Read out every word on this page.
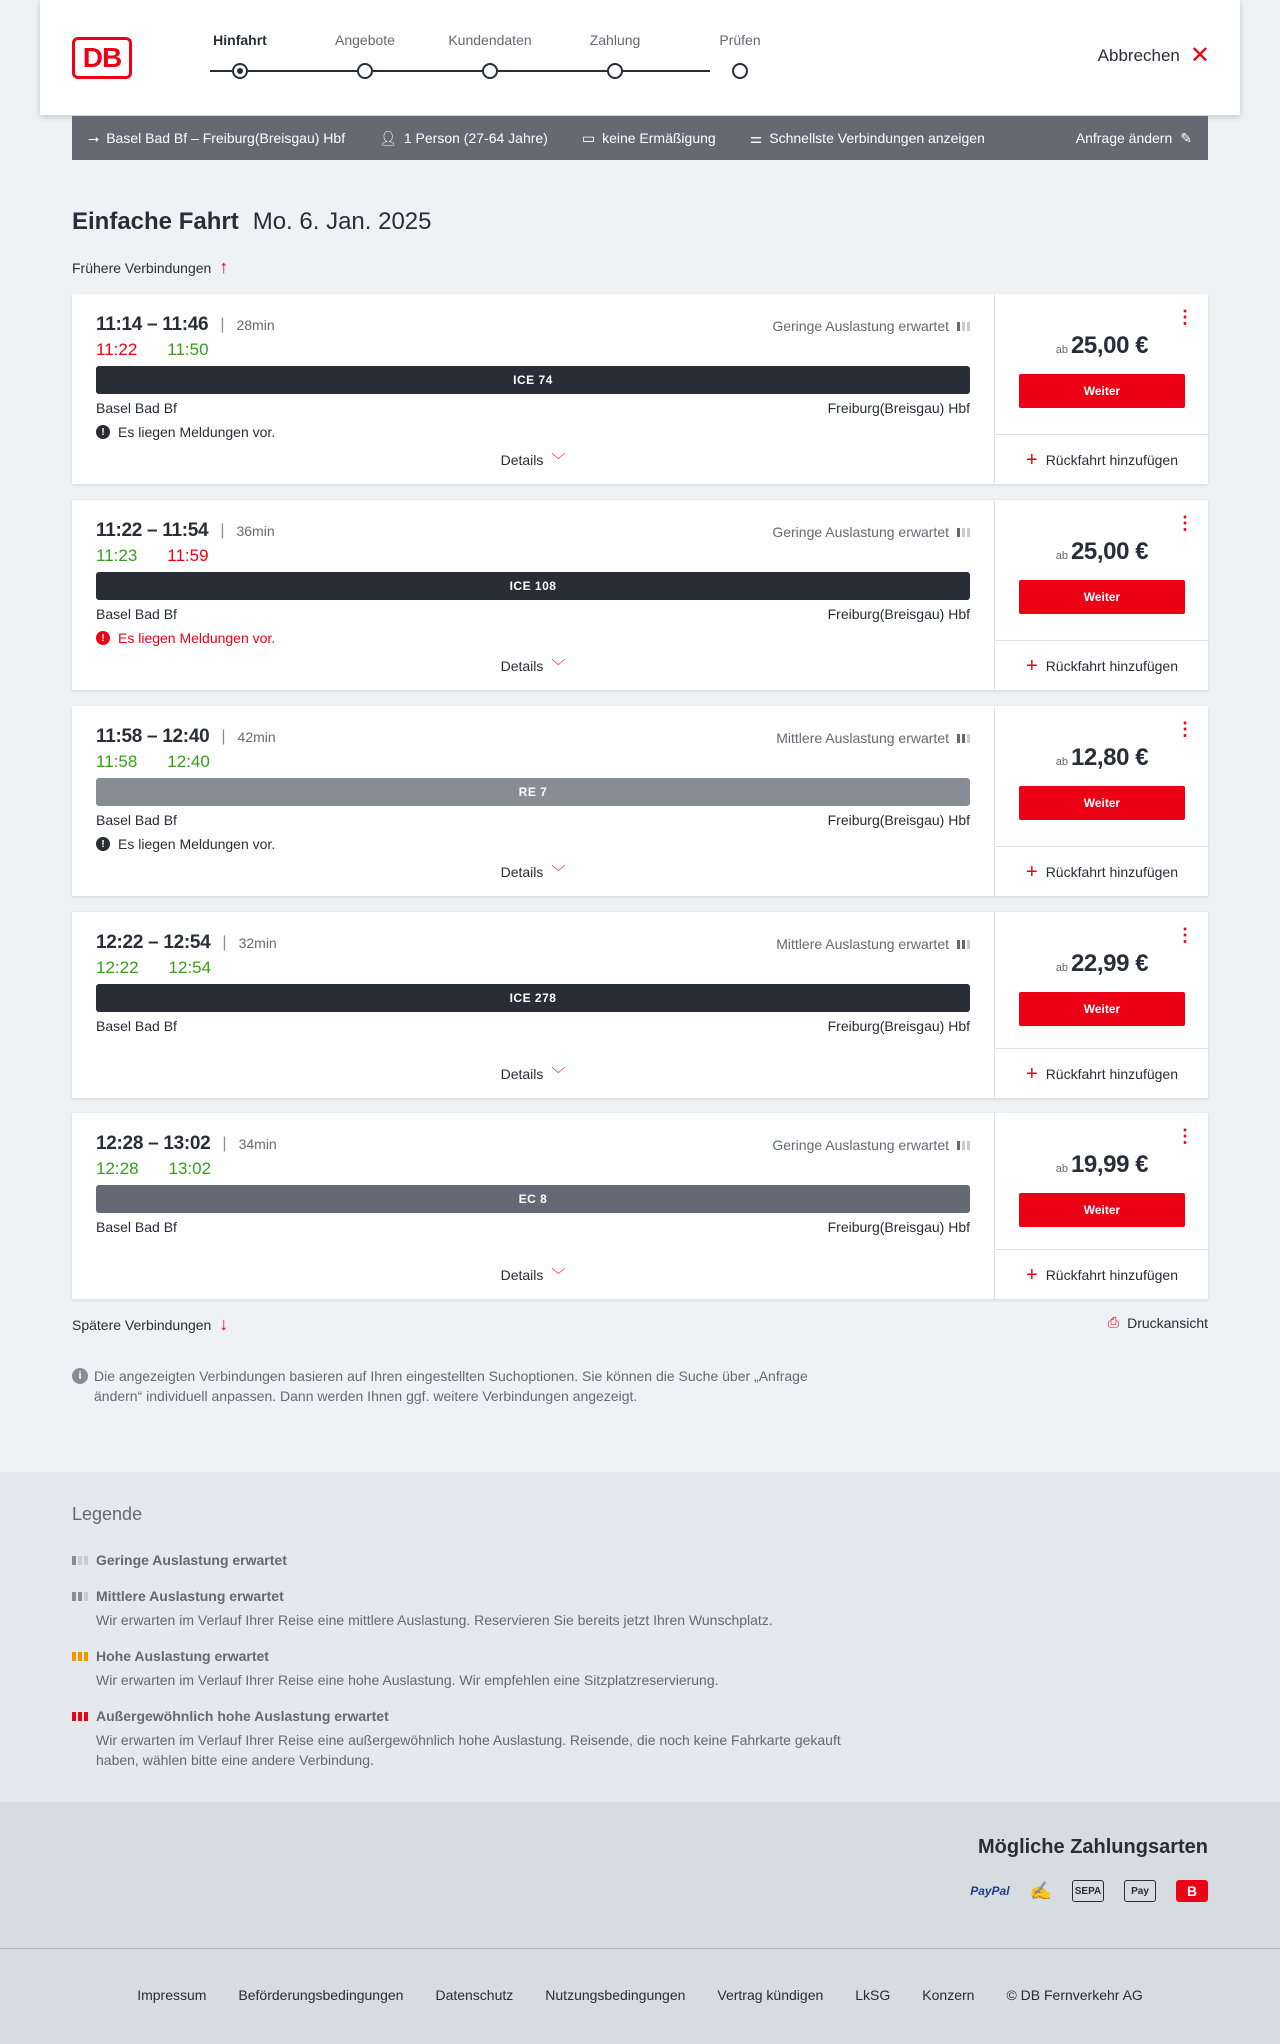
DB
Hinfahrt	Angebote	Kundendaten	Zahlung	Prüfen
Abbrechen ✕
⭢ Basel Bad Bf – Freiburg(Breisgau) Hbf 👤︎ 1 Person (27-64 Jahre) ▭ keine Ermäßigung ⚌ Schnellste Verbindungen anzeigen	Anfrage ändern ✎
Einfache Fahrt Mo. 6. Jan. 2025
Frühere Verbindungen ↑
11:14 – 11:46 | 28min
11:22 11:50
Geringe Auslastung erwartet
ICE 74
Basel Bad Bf	Freiburg(Breisgau) Hbf
! Es liegen Meldungen vor.
Details ﹀
⋮
ab 25,00 €
Weiter
+ Rückfahrt hinzufügen
11:22 – 11:54 | 36min
11:23 11:59
Geringe Auslastung erwartet
ICE 108
Basel Bad Bf	Freiburg(Breisgau) Hbf
! Es liegen Meldungen vor.
Details ﹀
⋮
ab 25,00 €
Weiter
+ Rückfahrt hinzufügen
11:58 – 12:40 | 42min
11:58 12:40
Mittlere Auslastung erwartet
RE 7
Basel Bad Bf	Freiburg(Breisgau) Hbf
! Es liegen Meldungen vor.
Details ﹀
⋮
ab 12,80 €
Weiter
+ Rückfahrt hinzufügen
12:22 – 12:54 | 32min
12:22 12:54
Mittlere Auslastung erwartet
ICE 278
Basel Bad Bf	Freiburg(Breisgau) Hbf
Details ﹀
⋮
ab 22,99 €
Weiter
+ Rückfahrt hinzufügen
12:28 – 13:02 | 34min
12:28 13:02
Geringe Auslastung erwartet
EC 8
Basel Bad Bf	Freiburg(Breisgau) Hbf
Details ﹀
⋮
ab 19,99 €
Weiter
+ Rückfahrt hinzufügen
Spätere Verbindungen ↓	⎙ Druckansicht
i Die angezeigten Verbindungen basieren auf Ihren eingestellten Suchoptionen. Sie können die Suche über „Anfrage ändern“ individuell anpassen. Dann werden Ihnen ggf. weitere Verbindungen angezeigt.
Legende
Geringe Auslastung erwartet
Mittlere Auslastung erwartet
Wir erwarten im Verlauf Ihrer Reise eine mittlere Auslastung. Reservieren Sie bereits jetzt Ihren Wunschplatz.
Hohe Auslastung erwartet
Wir erwarten im Verlauf Ihrer Reise eine hohe Auslastung. Wir empfehlen eine Sitzplatzreservierung.
Außergewöhnlich hohe Auslastung erwartet
Wir erwarten im Verlauf Ihrer Reise eine außergewöhnlich hohe Auslastung. Reisende, die noch keine Fahrkarte gekauft haben, wählen bitte eine andere Verbindung.
Mögliche Zahlungsarten
PayPal ✍ SEPA	Pay	B
Impressum Beförderungsbedingungen Datenschutz Nutzungsbedingungen Vertrag kündigen LkSG Konzern © DB Fernverkehr AG
